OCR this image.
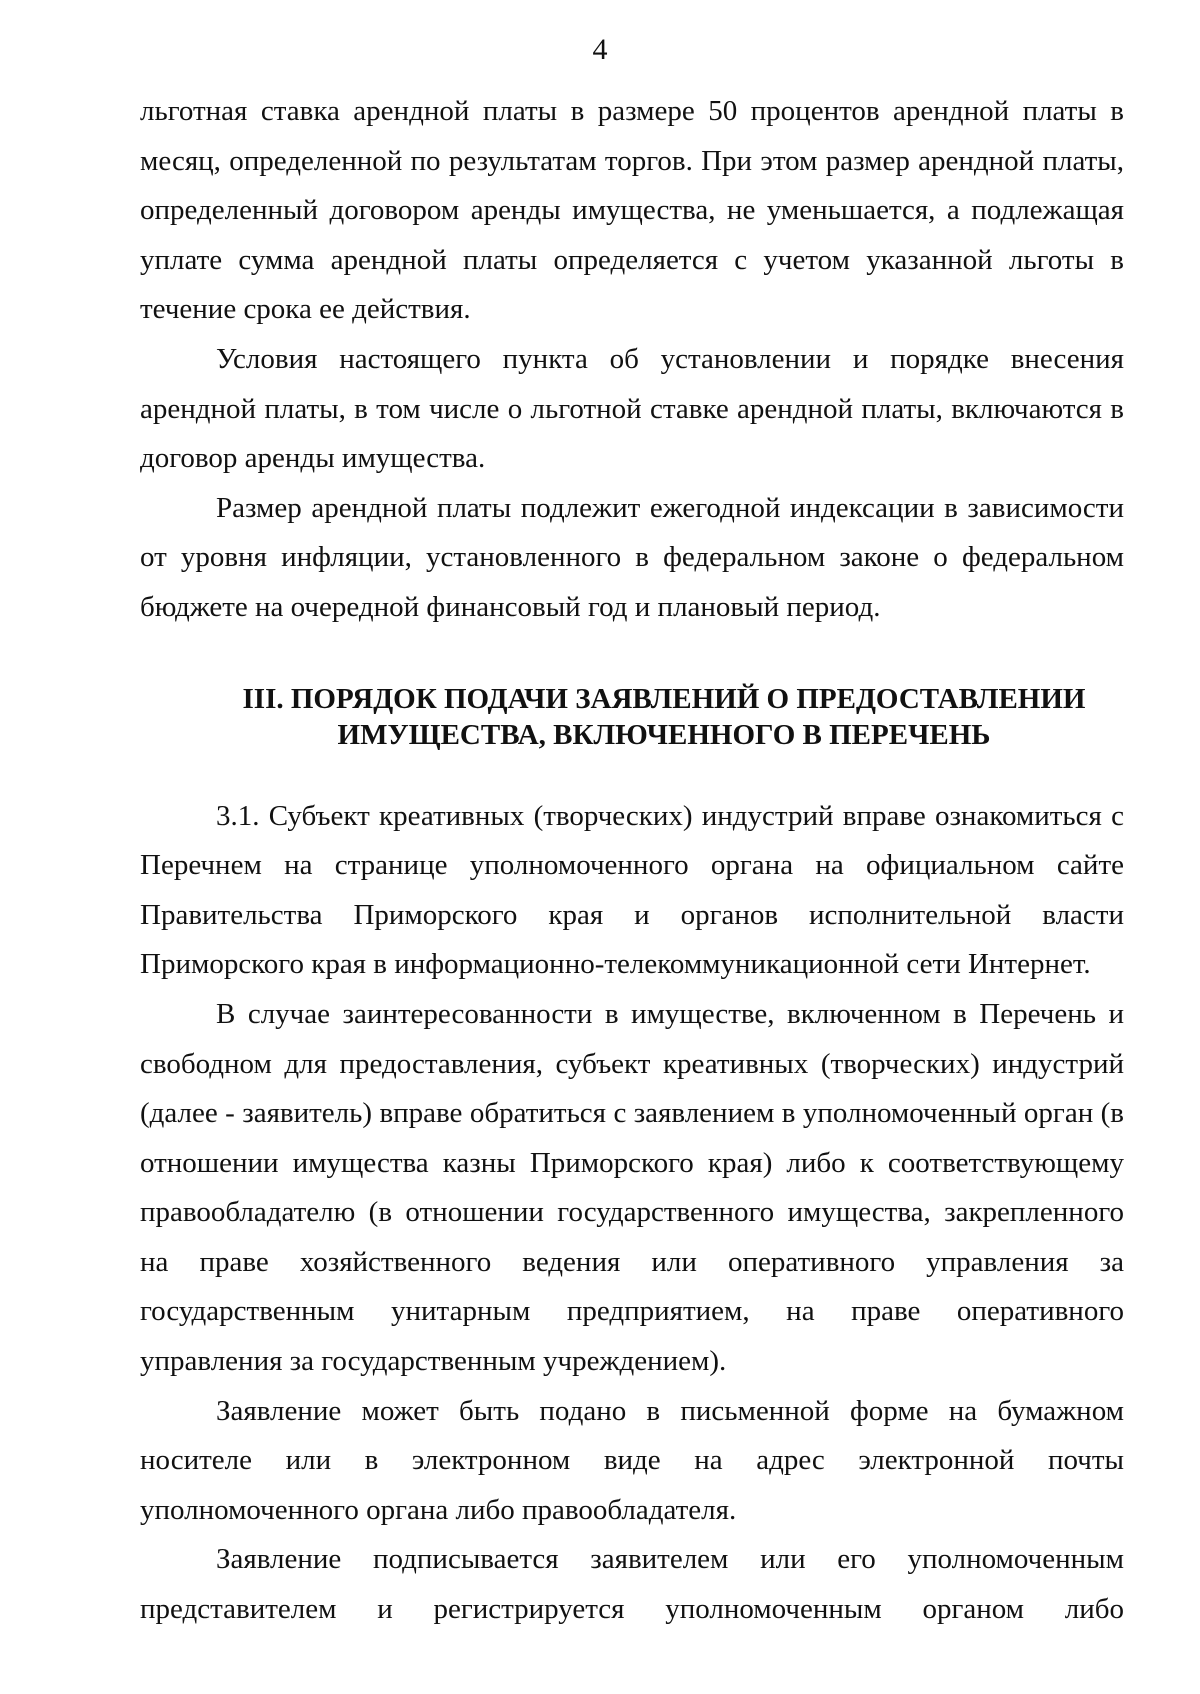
4

льготная ставка арендной платы в размере 50 процентов арендной платы в месяц, определенной по результатам торгов. При этом размер арендной платы, определенный договором аренды имущества, не уменьшается, а подлежащая уплате сумма арендной платы определяется с учетом указанной льготы в течение срока ее действия.

Условия настоящего пункта об установлении и порядке внесения арендной платы, в том числе о льготной ставке арендной платы, включаются в договор аренды имущества.

Размер арендной платы подлежит ежегодной индексации в зависимости от уровня инфляции, установленного в федеральном законе о федеральном бюджете на очередной финансовый год и плановый период.

III. ПОРЯДОК ПОДАЧИ ЗАЯВЛЕНИЙ О ПРЕДОСТАВЛЕНИИ
ИМУЩЕСТВА, ВКЛЮЧЕННОГО В ПЕРЕЧЕНЬ

3.1. Субъект креативных (творческих) индустрий вправе ознакомиться с Перечнем на странице уполномоченного органа на официальном сайте Правительства Приморского края и органов исполнительной власти Приморского края в информационно-телекоммуникационной сети Интернет.

В случае заинтересованности в имуществе, включенном в Перечень и свободном для предоставления, субъект креативных (творческих) индустрий (далее - заявитель) вправе обратиться с заявлением в уполномоченный орган (в отношении имущества казны Приморского края) либо к соответствующему правообладателю (в отношении государственного имущества, закрепленного на праве хозяйственного ведения или оперативного управления за государственным унитарным предприятием, на праве оперативного управления за государственным учреждением).

Заявление может быть подано в письменной форме на бумажном носителе или в электронном виде на адрес электронной почты уполномоченного органа либо правообладателя.

Заявление подписывается заявителем или его уполномоченным представителем и регистрируется уполномоченным органом либо
